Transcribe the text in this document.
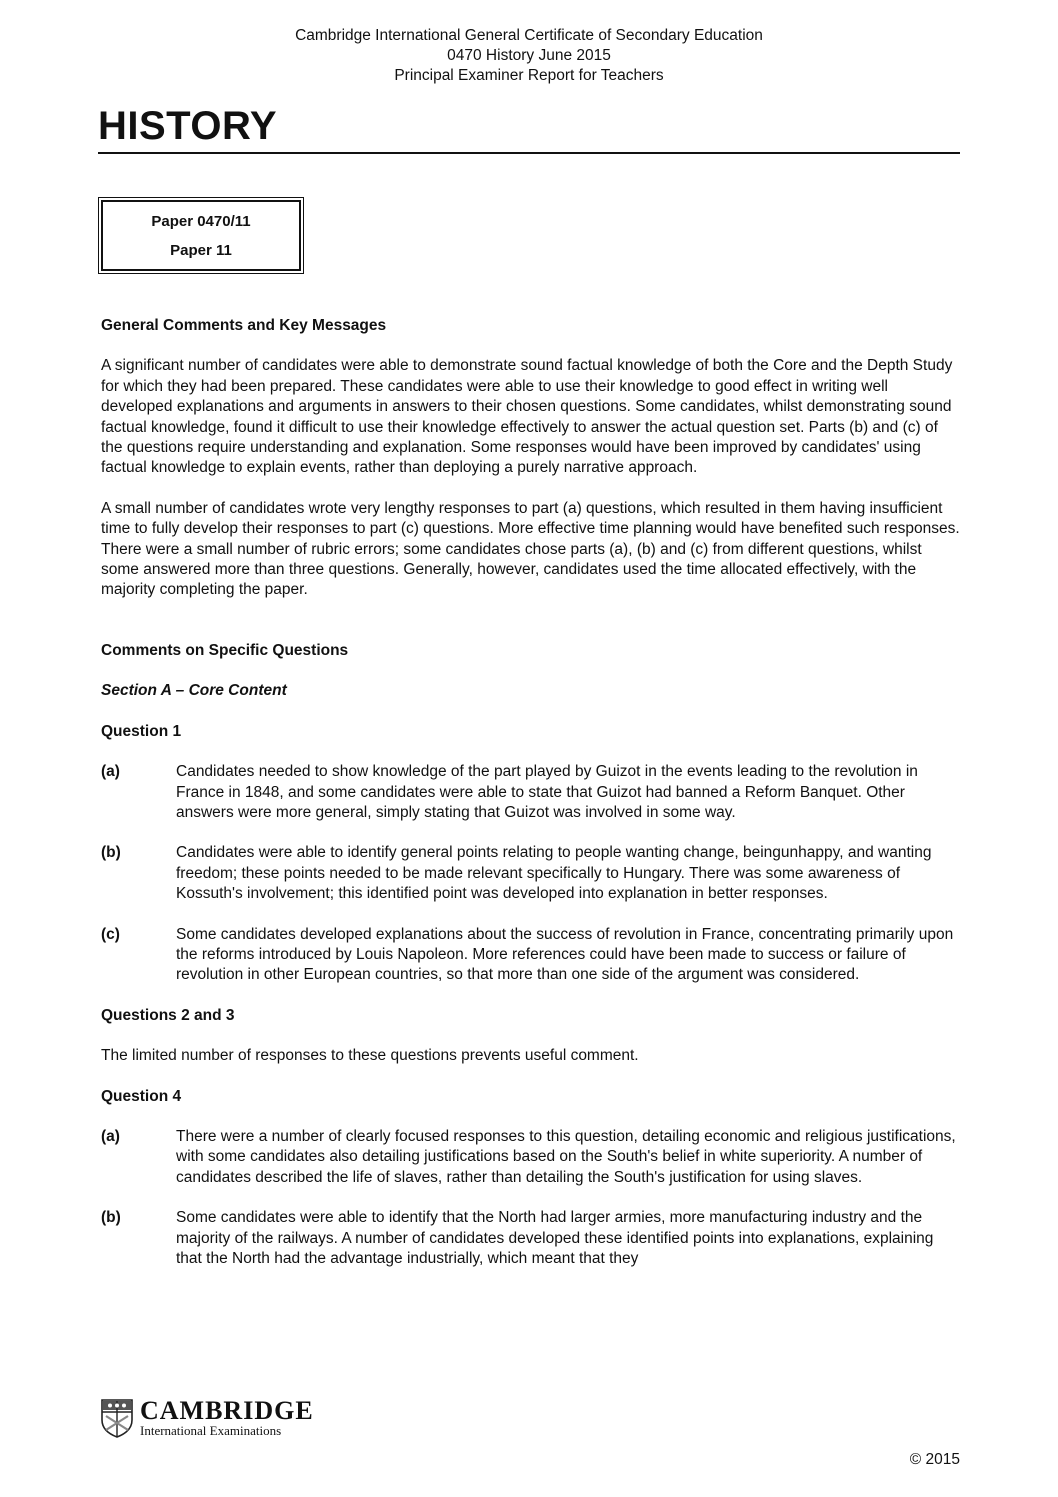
Cambridge International General Certificate of Secondary Education
0470 History June 2015
Principal Examiner Report for Teachers
HISTORY
Paper 0470/11
Paper 11
General Comments and Key Messages

A significant number of candidates were able to demonstrate sound factual knowledge of both the Core and the Depth Study for which they had been prepared. These candidates were able to use their knowledge to good effect in writing well developed explanations and arguments in answers to their chosen questions. Some candidates, whilst demonstrating sound factual knowledge, found it difficult to use their knowledge effectively to answer the actual question set. Parts (b) and (c) of the questions require understanding and explanation. Some responses would have been improved by candidates' using factual knowledge to explain events, rather than deploying a purely narrative approach.

A small number of candidates wrote very lengthy responses to part (a) questions, which resulted in them having insufficient time to fully develop their responses to part (c) questions. More effective time planning would have benefited such responses. There were a small number of rubric errors; some candidates chose parts (a), (b) and (c) from different questions, whilst some answered more than three questions. Generally, however, candidates used the time allocated effectively, with the majority completing the paper.

Comments on Specific Questions
Section A – Core Content
Question 1
(a)	Candidates needed to show knowledge of the part played by Guizot in the events leading to the revolution in France in 1848, and some candidates were able to state that Guizot had banned a Reform Banquet. Other answers were more general, simply stating that Guizot was involved in some way.
(b)	Candidates were able to identify general points relating to people wanting change, beingunhappy, and wanting freedom; these points needed to be made relevant specifically to Hungary. There was some awareness of Kossuth's involvement; this identified point was developed into explanation in better responses.
(c)	Some candidates developed explanations about the success of revolution in France, concentrating primarily upon the reforms introduced by Louis Napoleon. More references could have been made to success or failure of revolution in other European countries, so that more than one side of the argument was considered.
Questions 2 and 3

The limited number of responses to these questions prevents useful comment.

Question 4
(a)	There were a number of clearly focused responses to this question, detailing economic and religious justifications, with some candidates also detailing justifications based on the South's belief in white superiority. A number of candidates described the life of slaves, rather than detailing the South's justification for using slaves.
(b)	Some candidates were able to identify that the North had larger armies, more manufacturing industry and the majority of the railways. A number of candidates developed these identified points into explanations, explaining that the North had the advantage industrially, which meant that they
CAMBRIDGE
International Examinations
© 2015
